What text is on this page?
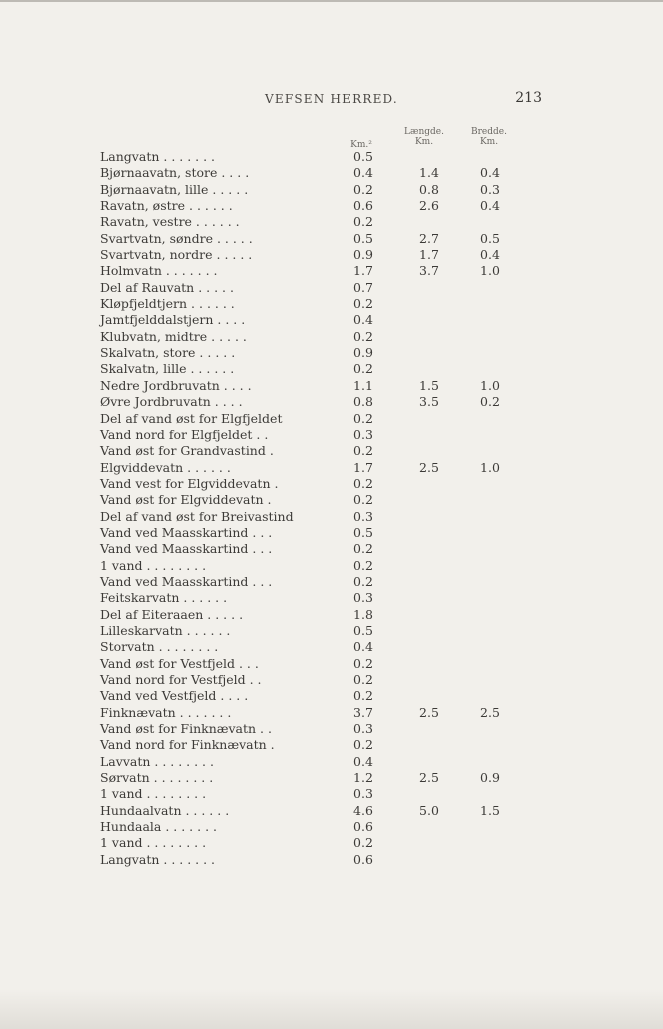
VEFSEN HERRED.	213
Km.²
Længde.
Km.
Bredde.
Km.
Langvatn . . . . . . .	0.5
Bjørnaavatn, store . . . .	0.4	1.4	0.4
Bjørnaavatn, lille . . . . .	0.2	0.8	0.3
Ravatn, østre . . . . . .	0.6	2.6	0.4
Ravatn, vestre . . . . . .	0.2
Svartvatn, søndre . . . . .	0.5	2.7	0.5
Svartvatn, nordre . . . . .	0.9	1.7	0.4
Holmvatn . . . . . . .	1.7	3.7	1.0
Del af Rauvatn . . . . .	0.7
Kløpfjeldtjern . . . . . .	0.2
Jamtfjelddalstjern . . . .	0.4
Klubvatn, midtre . . . . .	0.2
Skalvatn, store . . . . .	0.9
Skalvatn, lille . . . . . .	0.2
Nedre Jordbruvatn . . . .	1.1	1.5	1.0
Øvre Jordbruvatn . . . .	0.8	3.5	0.2
Del af vand øst for Elgfjeldet	0.2
Vand nord for Elgfjeldet . .	0.3
Vand øst for Grandvastind .	0.2
Elgviddevatn . . . . . .	1.7	2.5	1.0
Vand vest for Elgviddevatn .	0.2
Vand øst for Elgviddevatn .	0.2
Del af vand øst for Breivastind	0.3
Vand ved Maasskartind . . .	0.5
Vand ved Maasskartind . . .	0.2
1 vand . . . . . . . .	0.2
Vand ved Maasskartind . . .	0.2
Feitskarvatn . . . . . .	0.3
Del af Eiteraaen . . . . .	1.8
Lilleskarvatn . . . . . .	0.5
Storvatn . . . . . . . .	0.4
Vand øst for Vestfjeld . . .	0.2
Vand nord for Vestfjeld . .	0.2
Vand ved Vestfjeld . . . .	0.2
Finknævatn . . . . . . .	3.7	2.5	2.5
Vand øst for Finknævatn . .	0.3
Vand nord for Finknævatn .	0.2
Lavvatn . . . . . . . .	0.4
Sørvatn . . . . . . . .	1.2	2.5	0.9
1 vand . . . . . . . .	0.3
Hundaalvatn . . . . . .	4.6	5.0	1.5
Hundaala . . . . . . .	0.6
1 vand . . . . . . . .	0.2
Langvatn . . . . . . .	0.6
